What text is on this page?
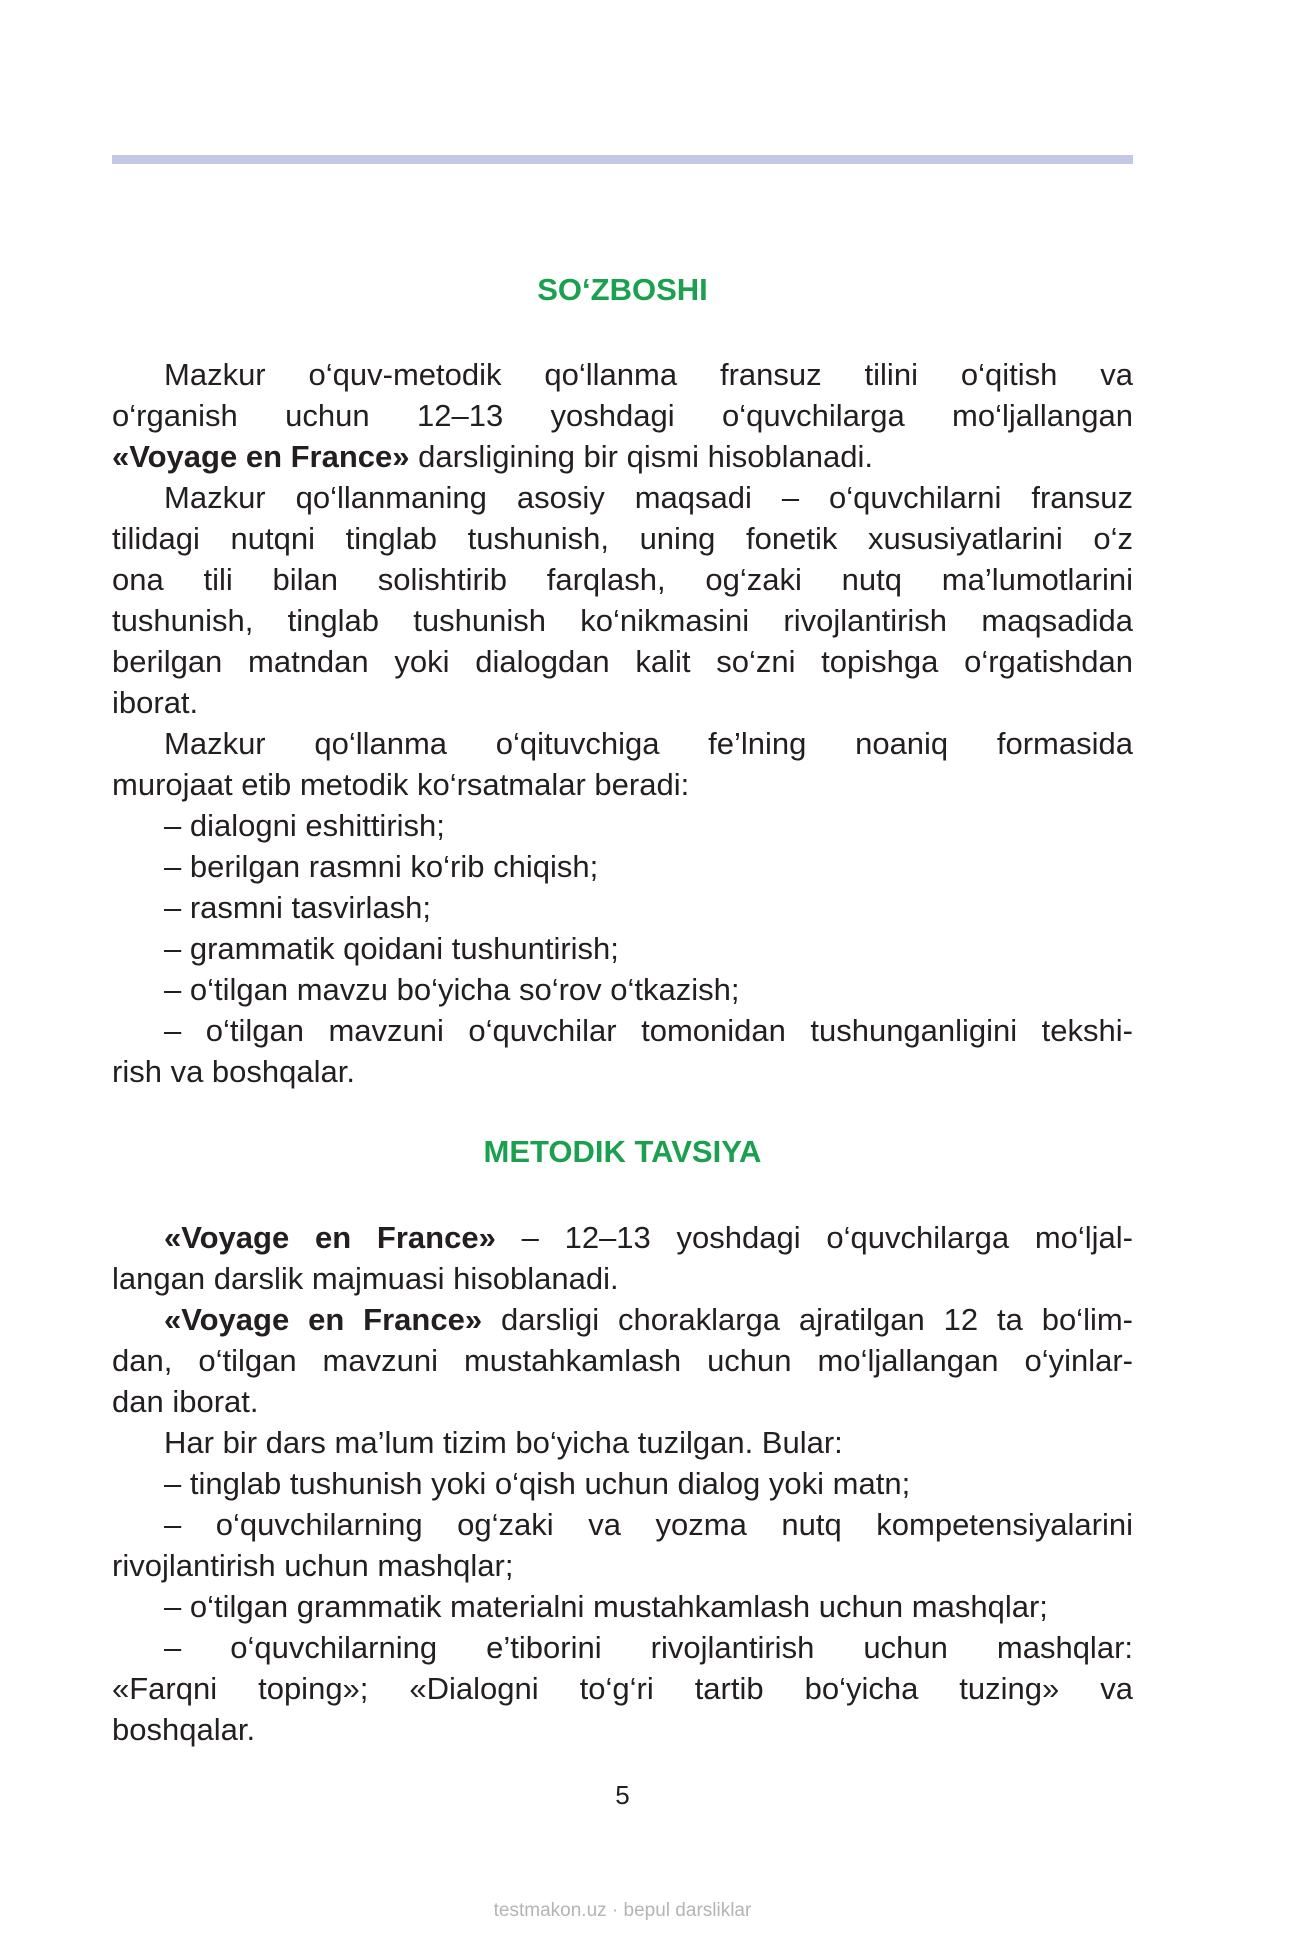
SO‘ZBOSHI

Mazkur o‘quv-metodik qo‘llanma fransuz tilini o‘qitish va

o‘rganish uchun 12–13 yoshdagi o‘quvchilarga mo‘ljallangan

«Voyage en France» darsligining bir qismi hisoblanadi.

Mazkur qo‘llanmaning asosiy maqsadi – o‘quvchilarni fransuz

tilidagi nutqni tinglab tushunish, uning fonetik xususiyatlarini o‘z

ona tili bilan solishtirib farqlash, og‘zaki nutq ma’lumotlarini

tushunish, tinglab tushunish ko‘nikmasini rivojlantirish maqsadida

berilgan matndan yoki dialogdan kalit so‘zni topishga o‘rgatishdan

iborat.

Mazkur qo‘llanma o‘qituvchiga fe’lning noaniq formasida

murojaat etib metodik ko‘rsatmalar beradi:

– dialogni eshittirish;

– berilgan rasmni ko‘rib chiqish;

– rasmni tasvirlash;

– grammatik qoidani tushuntirish;

– o‘tilgan mavzu bo‘yicha so‘rov o‘tkazish;

– o‘tilgan mavzuni o‘quvchilar tomonidan tushunganligini tekshi-

rish va boshqalar.

METODIK TAVSIYA

«Voyage en France» – 12–13 yoshdagi o‘quvchilarga mo‘ljal-

langan darslik majmuasi hisoblanadi.

«Voyage en France» darsligi choraklarga ajratilgan 12 ta bo‘lim-

dan, o‘tilgan mavzuni mustahkamlash uchun mo‘ljallangan o‘yinlar-

dan iborat.

Har bir dars ma’lum tizim bo‘yicha tuzilgan. Bular:

– tinglab tushunish yoki o‘qish uchun dialog yoki matn;

– o‘quvchilarning og‘zaki va yozma nutq kompetensiyalarini

rivojlantirish uchun mashqlar;

– o‘tilgan grammatik materialni mustahkamlash uchun mashqlar;

– o‘quvchilarning e’tiborini rivojlantirish uchun mashqlar:

«Farqni toping»; «Dialogni to‘g‘ri tartib bo‘yicha tuzing» va

boshqalar.

5
testmakon.uz · bepul darsliklar
